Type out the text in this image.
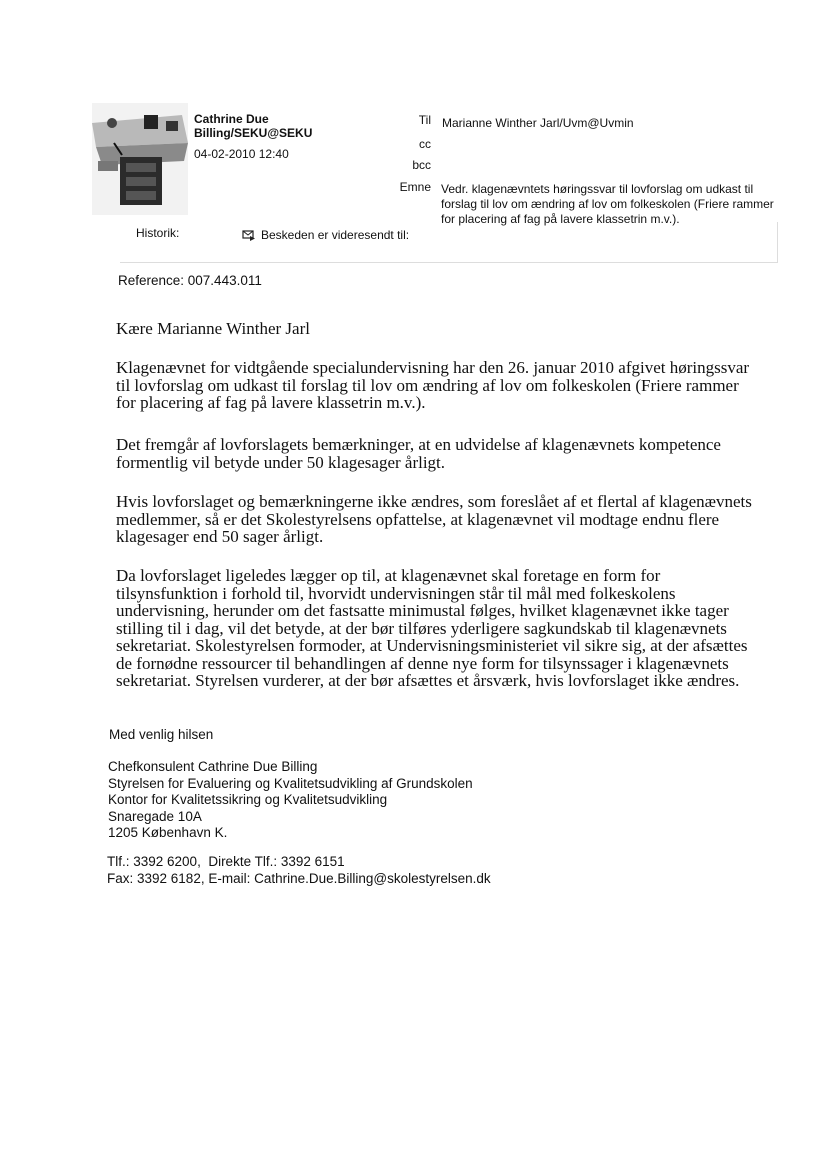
Cathrine Due Billing/SEKU@SEKU
04-02-2010 12:40
Til Marianne Winther Jarl/Uvm@Uvmin
cc
bcc
Emne Vedr. klagenævntets høringssvar til lovforslag om udkast til forslag til lov om ændring af lov om folkeskolen (Friere rammer for placering af fag på lavere klassetrin m.v.).
Historik:	Beskeden er videresendt til:
Reference: 007.443.011
Kære Marianne Winther Jarl
Klagenævnet for vidtgående specialundervisning har den 26. januar 2010 afgivet høringssvar til lovforslag om udkast til forslag til lov om ændring af lov om folkeskolen (Friere rammer for placering af fag på lavere klassetrin m.v.).
Det fremgår af lovforslagets bemærkninger, at en udvidelse af klagenævnets kompetence formentlig vil betyde under 50 klagesager årligt.
Hvis lovforslaget og bemærkningerne ikke ændres, som foreslået af et flertal af klagenævnets medlemmer, så er det Skolestyrelsens opfattelse, at klagenævnet vil modtage endnu flere klagesager end 50 sager årligt.
Da lovforslaget ligeledes lægger op til, at klagenævnet skal foretage en form for tilsynsfunktion i forhold til, hvorvidt undervisningen står til mål med folkeskolens undervisning, herunder om det fastsatte minimustal følges, hvilket klagenævnet ikke tager stilling til i dag, vil det betyde, at der bør tilføres yderligere sagkundskab til klagenævnets sekretariat. Skolestyrelsen formoder, at Undervisningsministeriet vil sikre sig, at der afsættes de fornødne ressourcer til behandlingen af denne nye form for tilsynssager i klagenævnets sekretariat. Styrelsen vurderer, at der bør afsættes et årsværk, hvis lovforslaget ikke ændres.
Med venlig hilsen
Chefkonsulent Cathrine Due Billing
Styrelsen for Evaluering og Kvalitetsudvikling af Grundskolen
Kontor for Kvalitetssikring og Kvalitetsudvikling
Snaregade 10A
1205 København K.
Tlf.: 3392 6200,  Direkte Tlf.: 3392 6151
Fax: 3392 6182, E-mail: Cathrine.Due.Billing@skolestyrelsen.dk
